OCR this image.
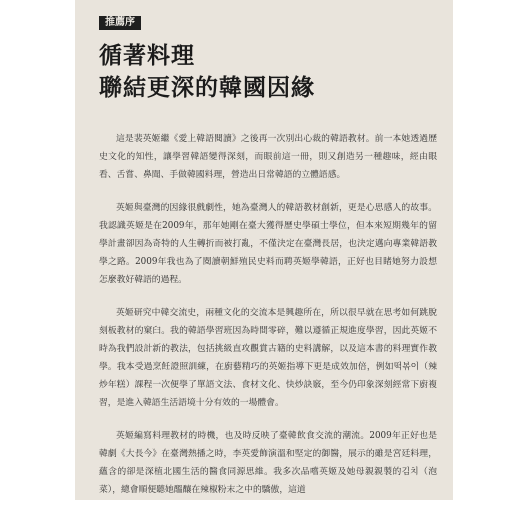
推薦序
循著料理
聯結更深的韓國因緣

這是裴英姬繼《愛上韓語閱讀》之後再一次別出心裁的韓語教材。前一本她透過歷史文化的知性，讓學習韓語變得深刻，而眼前這一冊，則又創造另一種趣味，經由眼看、舌嘗、鼻聞、手做韓國料理，營造出日常韓語的立體語感。

英姬與臺灣的因緣很戲劇性，她為臺灣人的韓語教材創新，更是心思感人的故事。我認識英姬是在2009年，那年她剛在臺大獲得歷史學碩士學位，但本來短期幾年的留學計畫卻因為奇特的人生轉折而被打亂，不僅決定在臺灣長居，也決定邁向專業韓語教學之路。2009年我也為了閱讀朝鮮殖民史料而聘英姬學韓語，正好也目睹她努力設想怎麼教好韓語的過程。

英姬研究中韓交流史，兩種文化的交流本是興趣所在，所以很早就在思考如何跳脫刻板教材的窠臼。我的韓語學習班因為時間零碎，難以遵循正規進度學習，因此英姬不時為我們設計新的教法，包括挑級直攻觀賞古籍的史料講解，以及這本書的料理實作教學。我本受過烹飪證照訓練，在廚藝精巧的英姬指導下更是成效加倍，例如떡볶이（辣炒年糕）課程一次便學了單語文法、食材文化、快炒訣竅，至今仍印象深刻經常下廚複習，是進入韓語生活語境十分有效的一場體會。

英姬編寫料理教材的時機，也及時反映了臺韓飲食交流的潮流。2009年正好也是韓劇《大長今》在臺灣熱播之時，李英愛飾演溫和堅定的御醫，展示的雖是宮廷料理，蘊含的卻是深植北國生活的醫食同源思維。我多次品嚐英姬及她母親親製的김치（泡菜），總會順便聽她醞釀在辣椒粉末之中的驕傲，這道
